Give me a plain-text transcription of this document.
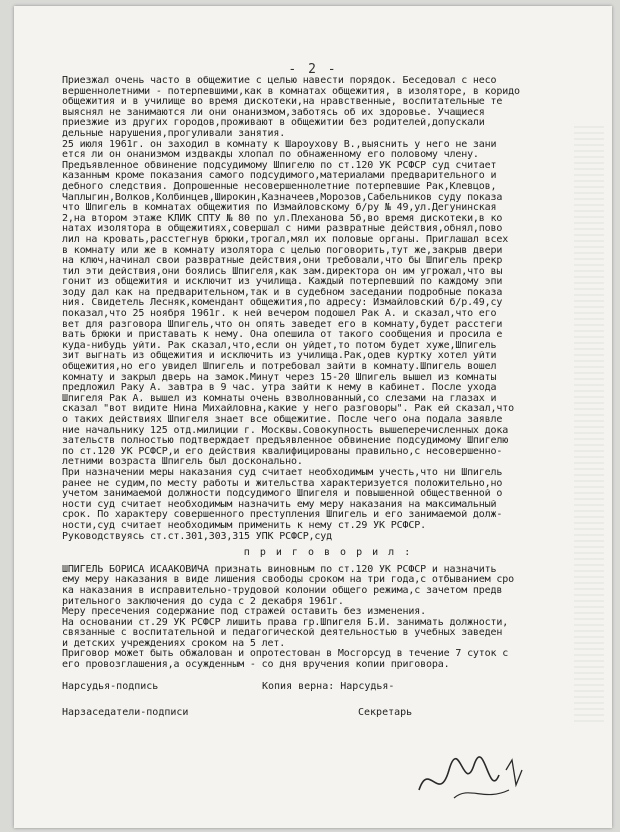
- 2 -
Приезжал очень часто в общежитие с целью навести порядок. Беседовал с несо
вершеннолетними - потерпевшими,как в комнатах общежития, в изоляторе, в коридо
общежития и в училище во время дискотеки,на нравственные, воспитательные те
выяснял не занимаются ли они онанизмом,заботясь об их здоровье. Учащиеся
приезжие из других городов,проживают в общежитии без родителей,допускали
дельные нарушения,прогуливали занятия.
25 июля 1961г. он заходил в комнату к Шароухову В.,выяснить у него не зани
ется ли он онанизмом издвакды хлопал по обнаженному его половому члену.
Предъявленное обвинение подсудимому Шпигелю по ст.120 УК РСФСР суд считает
казанным кроме показания самого подсудимого,материалами предварительного и
дебного следствия. Допрошенные несовершеннолетние потерпевшие Рак,Клевцов,
Чаплыгин,Волков,Колбинцев,Широкин,Казначеев,Морозов,Сабельников суду показа
что Шпигель в комнатах общежития по Измайловскому б/ру № 49,ул.Дегунинская
2,на втором этаже КЛИК СПТУ № 80 по ул.Плеханова 5б,во время дискотеки,в ко
натах изолятора в общежитиях,совершал с ними развратные действия,обнял,пово
лил на кровать,расстегнув брюки,трогал,мял их половые органы. Приглашал всех
в комнату или же в комнату изолятора с целью поговорить,тут же,закрыв двери
на ключ,начинал свои развратные действия,они требовали,что бы Шпигель прекр
тил эти действия,они боялись Шпигеля,как зам.директора он им угрожал,что вы
гонит из общежития и исключит из училища. Каждый потерпевший по каждому эпи
зоду дал как на предварительном,так и в судебном заседании подробные показа
ния. Свидетель Лесняк,комендант общежития,по адресу: Измайловский б/р.49,су
показал,что 25 ноября 1961г. к ней вечером подошел Рак А. и сказал,что его
вет для разговора Шпигель,что он опять заведет его в комнату,будет расстеги
вать брюки и приставать к нему. Она опешила от такого сообщения и просила е
куда-нибудь уйти. Рак сказал,что,если он уйдет,то потом будет хуже,Шпигель
зит выгнать из общежития и исключить из училища.Рак,одев куртку хотел уйти
общежития,но его увидел Шпигель и потребовал зайти в комнату.Шпигель вошел
комнату и закрыл дверь на замок.Минут через 15-20 Шпигель вышел из комнаты
предложил Раку А. завтра в 9 час. утра зайти к нему в кабинет. После ухода
Шпигеля Рак А. вышел из комнаты очень взволнованный,со слезами на глазах и
сказал "вот видите Нина Михайловна,какие у него разговоры". Рак ей сказал,что
о таких действиях Шпигеля знает все общежитие. После чего она подала заявле
ние начальнику 125 отд.милиции г. Москвы.Совокупность вышеперечисленных дока
зательств полностью подтверждает предъявленное обвинение подсудимому Шпигелю
по ст.120 УК РСФСР,и его действия квалифицированы правильно,с несовершенно-
летними возраста Шпигель был досконально.
При назначении меры наказания суд считает необходимым учесть,что ни Шпигель
ранее не судим,по месту работы и жительства характеризуется положительно,но
учетом занимаемой должности подсудимого Шпигеля и повышенной общественной о
ности суд считает необходимым назначить ему меру наказания на максимальный
срок. По характеру совершенного преступления Шпигель и его занимаемой долж-
ности,суд считает необходимым применить к нему ст.29 УК РСФСР.
Руководствуясь ст.ст.301,303,315 УПК РСФСР,суд
п р и г о в о р и л :
ШПИГЕЛЬ БОРИСА ИСААКОВИЧА признать виновным по ст.120 УК РСФСР и назначить
ему меру наказания в виде лишения свободы сроком на три года,с отбыванием сро
ка наказания в исправительно-трудовой колонии общего режима,с зачетом предв
рительного заключения до суда с 2 декабря 1961г.
Меру пресечения содержание под стражей оставить без изменения.
На основании ст.29 УК РСФСР лишить права гр.Шпигеля Б.И. занимать должности,
связанные с воспитательной и педагогической деятельностью в учебных заведен
и детских учреждениях сроком на 5 лет.
Приговор может быть обжалован и опротестован в Мосгорсуд в течение 7 суток с
его провозглашения,а осужденным - со дня вручения копии приговора.
Нарсудья-подпись	Копия верна: Нарсудья-
Нарзаседатели-подписи	Секретарь
